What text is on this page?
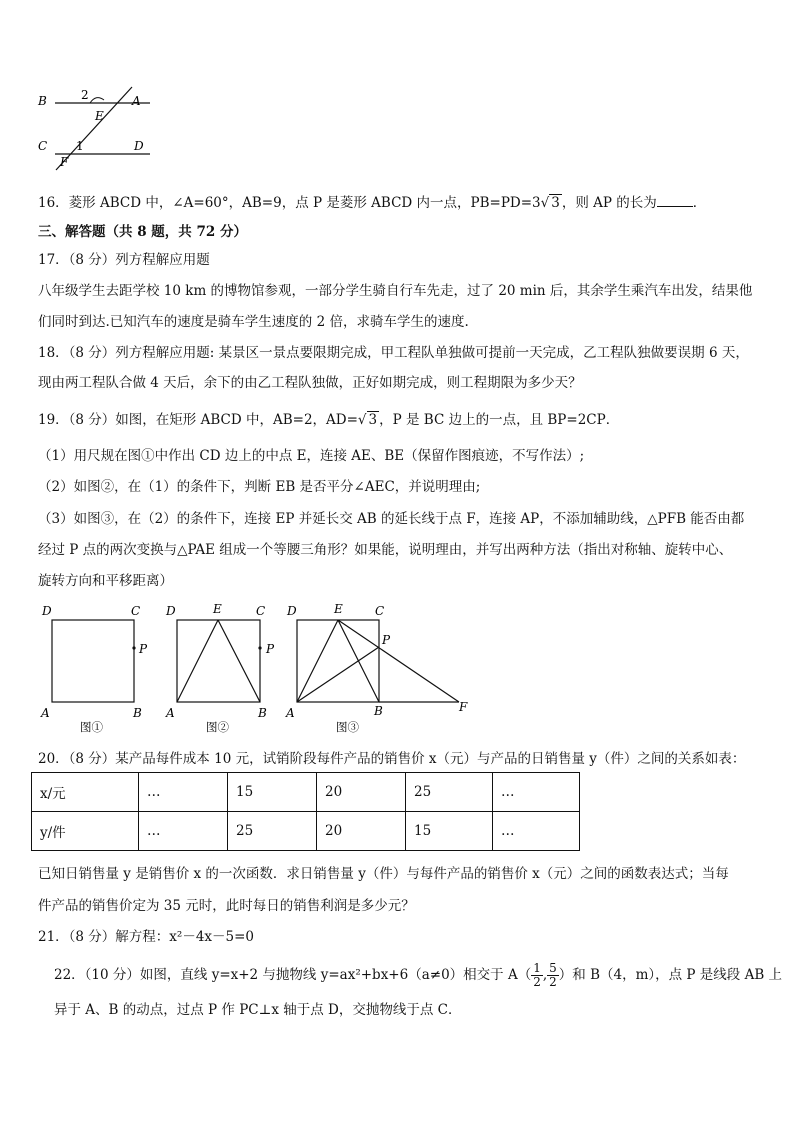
B	2	A
E
C 1	D
F
16．菱形 ABCD 中，∠A=60°，AB=9，点 P 是菱形 ABCD 内一点，PB=PD=3√ 3 ，则 AP 的长为	．
三、解答题（共 8 题，共 72 分）
17．（8 分）列方程解应用题
八年级学生去距学校 10 km 的博物馆参观，一部分学生骑自行车先走，过了 20 min 后，其余学生乘汽车出发，结果他
们同时到达.已知汽车的速度是骑车学生速度的 2 倍，求骑车学生的速度.
18．（8 分）列方程解应用题: 某景区一景点要限期完成，甲工程队单独做可提前一天完成，乙工程队独做要误期 6 天，
现由两工程队合做 4 天后，余下的由乙工程队独做，正好如期完成，则工程期限为多少天？
19．（8 分）如图，在矩形 ABCD 中，AB=2，AD=√ 3 ，P 是 BC 边上的一点，且 BP=2CP．
（1）用尺规在图①中作出 CD 边上的中点 E，连接 AE、BE（保留作图痕迹，不写作法）;
（2）如图②，在（1）的条件下，判断 EB 是否平分∠AEC，并说明理由;
（3）如图③，在（2）的条件下，连接 EP 并延长交 AB 的延长线于点 F，连接 AP，不添加辅助线，△PFB 能否由都
经过 P 点的两次变换与△PAE 组成一个等腰三角形？如果能，说明理由，并写出两种方法（指出对称轴、旋转中心、
旋转方向和平移距离）
D	C
P
A	B
图①
D	E	C
P
A	B
图②
D	E	C
P
A	B	F
图③
20．（8 分）某产品每件成本 10 元，试销阶段每件产品的销售价 x（元）与产品的日销售量 y（件）之间的关系如表：
x/元	…	15	20	25	…
y/件	…	25	20	15	…
已知日销售量 y 是销售价 x 的一次函数．求日销售量 y（件）与每件产品的销售价 x（元）之间的函数表达式；当每
件产品的销售价定为 35 元时，此时每日的销售利润是多少元？
21．（8 分）解方程：x²－4x－5=0
22．（10 分）如图，直线 y=x+2 与抛物线 y=ax²+bx+6（a≠0）相交于 $A( \frac{1}{2}$ , $\frac{5}{2}$ ）和 B（4，m），点 P 是线段 AB 上
异于 A、B 的动点，过点 P 作 PC⊥x 轴于点 D，交抛物线于点 C．
